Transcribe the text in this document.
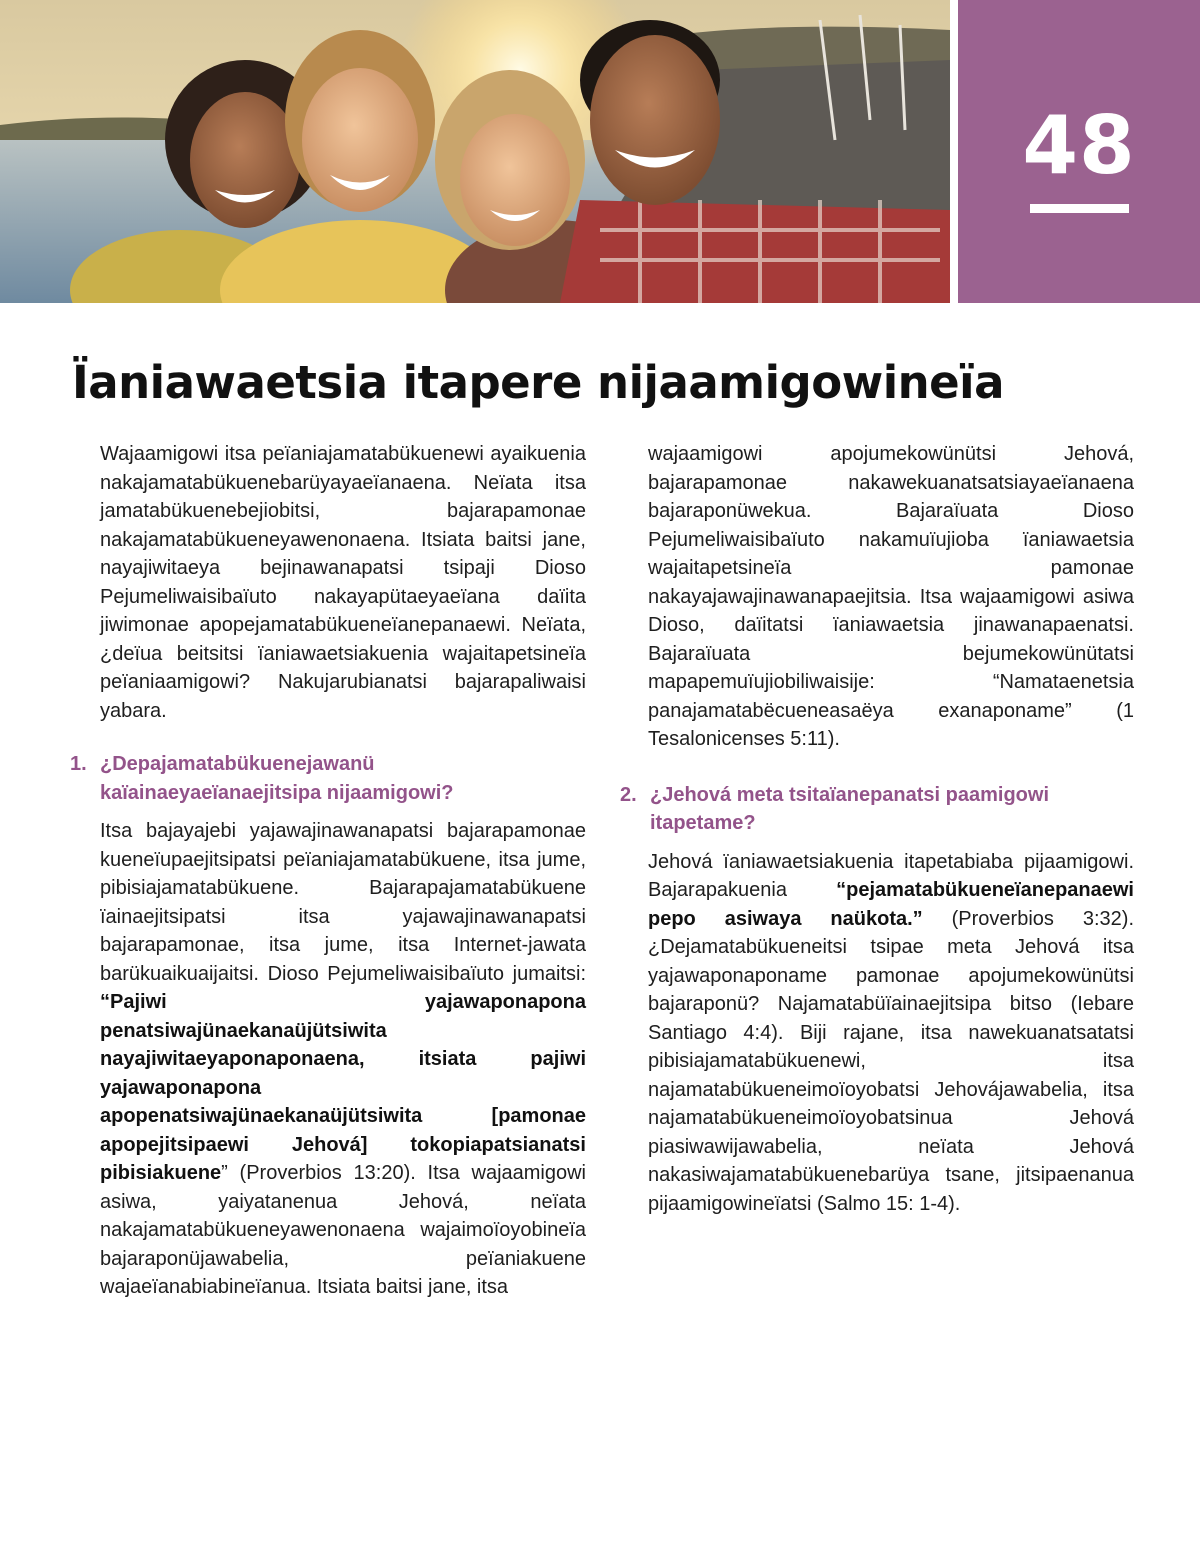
48
Ïaniawaetsia itapere nijaamigowineïa

Wajaamigowi itsa peïaniajamatabükuenewi ayaikuenia nakajamatabükuenebarüyayaeïanaena. Neïata itsa jamatabükuenebejiobitsi, bajarapamonae nakajamatabükueneyawenonaena. Itsiata baitsi jane, nayajiwitaeya bejinawanapatsi tsipaji Dioso Pejumeliwaisibaïuto nakayapütaeyaeïana daïita jiwimonae apopejamatabükueneïanepanaewi. Neïata, ¿deïua beitsitsi ïaniawaetsiakuenia wajaitapetsineïa peïaniaamigowi? Nakujarubianatsi bajarapaliwaisi yabara.

1. ¿Depajamatabükuenejawanü kaïainaeyaeïanaejitsipa nijaamigowi?

Itsa bajayajebi yajawajinawanapatsi bajarapamonae kueneïupaejitsipatsi peïaniajamatabükuene, itsa jume, pibisiajamatabükuene. Bajarapajamatabükuene ïainaejitsipatsi itsa yajawajinawanapatsi bajarapamonae, itsa jume, itsa Internet-jawata barükuaikuaijaitsi. Dioso Pejumeliwaisibaïuto jumaitsi: “Pajiwi yajawaponapona penatsiwajünaekanaüjütsiwita nayajiwitaeyaponaponaena, itsiata pajiwi yajawaponapona apopenatsiwajünaekanaüjütsiwita [pamonae apopejitsipaewi Jehová] tokopiapatsianatsi pibisiakuene” (Proverbios 13:20). Itsa wajaamigowi asiwa, yaiyatanenua Jehová, neïata nakajamatabükueneyawenonaena wajaimoïoyobineïa bajaraponüjawabelia, peïaniakuene wajaeïanabiabineïanua. Itsiata baitsi jane, itsa

wajaamigowi apojumekowünütsi Jehová, bajarapamonae nakawekuanatsatsiayaeïanaena bajaraponüwekua. Bajaraïuata Dioso Pejumeliwaisibaïuto nakamuïujioba ïaniawaetsia wajaitapetsineïa pamonae nakayajawajinawanapaejitsia. Itsa wajaamigowi asiwa Dioso, daïitatsi ïaniawaetsia jinawanapaenatsi. Bajaraïuata bejumekowünütatsi mapapemuïujiobiliwaisije: “Namataenetsia panajamatabëcueneasaëya exanaponame” (1 Tesalonicenses 5:11).

2. ¿Jehová meta tsitaïanepanatsi paamigowi itapetame?

Jehová ïaniawaetsiakuenia itapetabiaba pijaamigowi. Bajarapakuenia “pejamatabükueneïanepanaewi pepo asiwaya naükota.” (Proverbios 3:32). ¿Dejamatabükueneitsi tsipae meta Jehová itsa yajawaponaponame pamonae apojumekowünütsi bajaraponü? Najamatabüïainaejitsipa bitso (Iebare Santiago 4:4). Biji rajane, itsa nawekuanatsatatsi pibisiajamatabükuenewi, itsa najamatabükueneimoïoyobatsi Jehovájawabelia, itsa najamatabükueneimoïoyobatsinua Jehová piasiwawijawabelia, neïata Jehová nakasiwajamatabükuenebarüya tsane, jitsipaenanua pijaamigowineïatsi (Salmo 15: 1-4).
